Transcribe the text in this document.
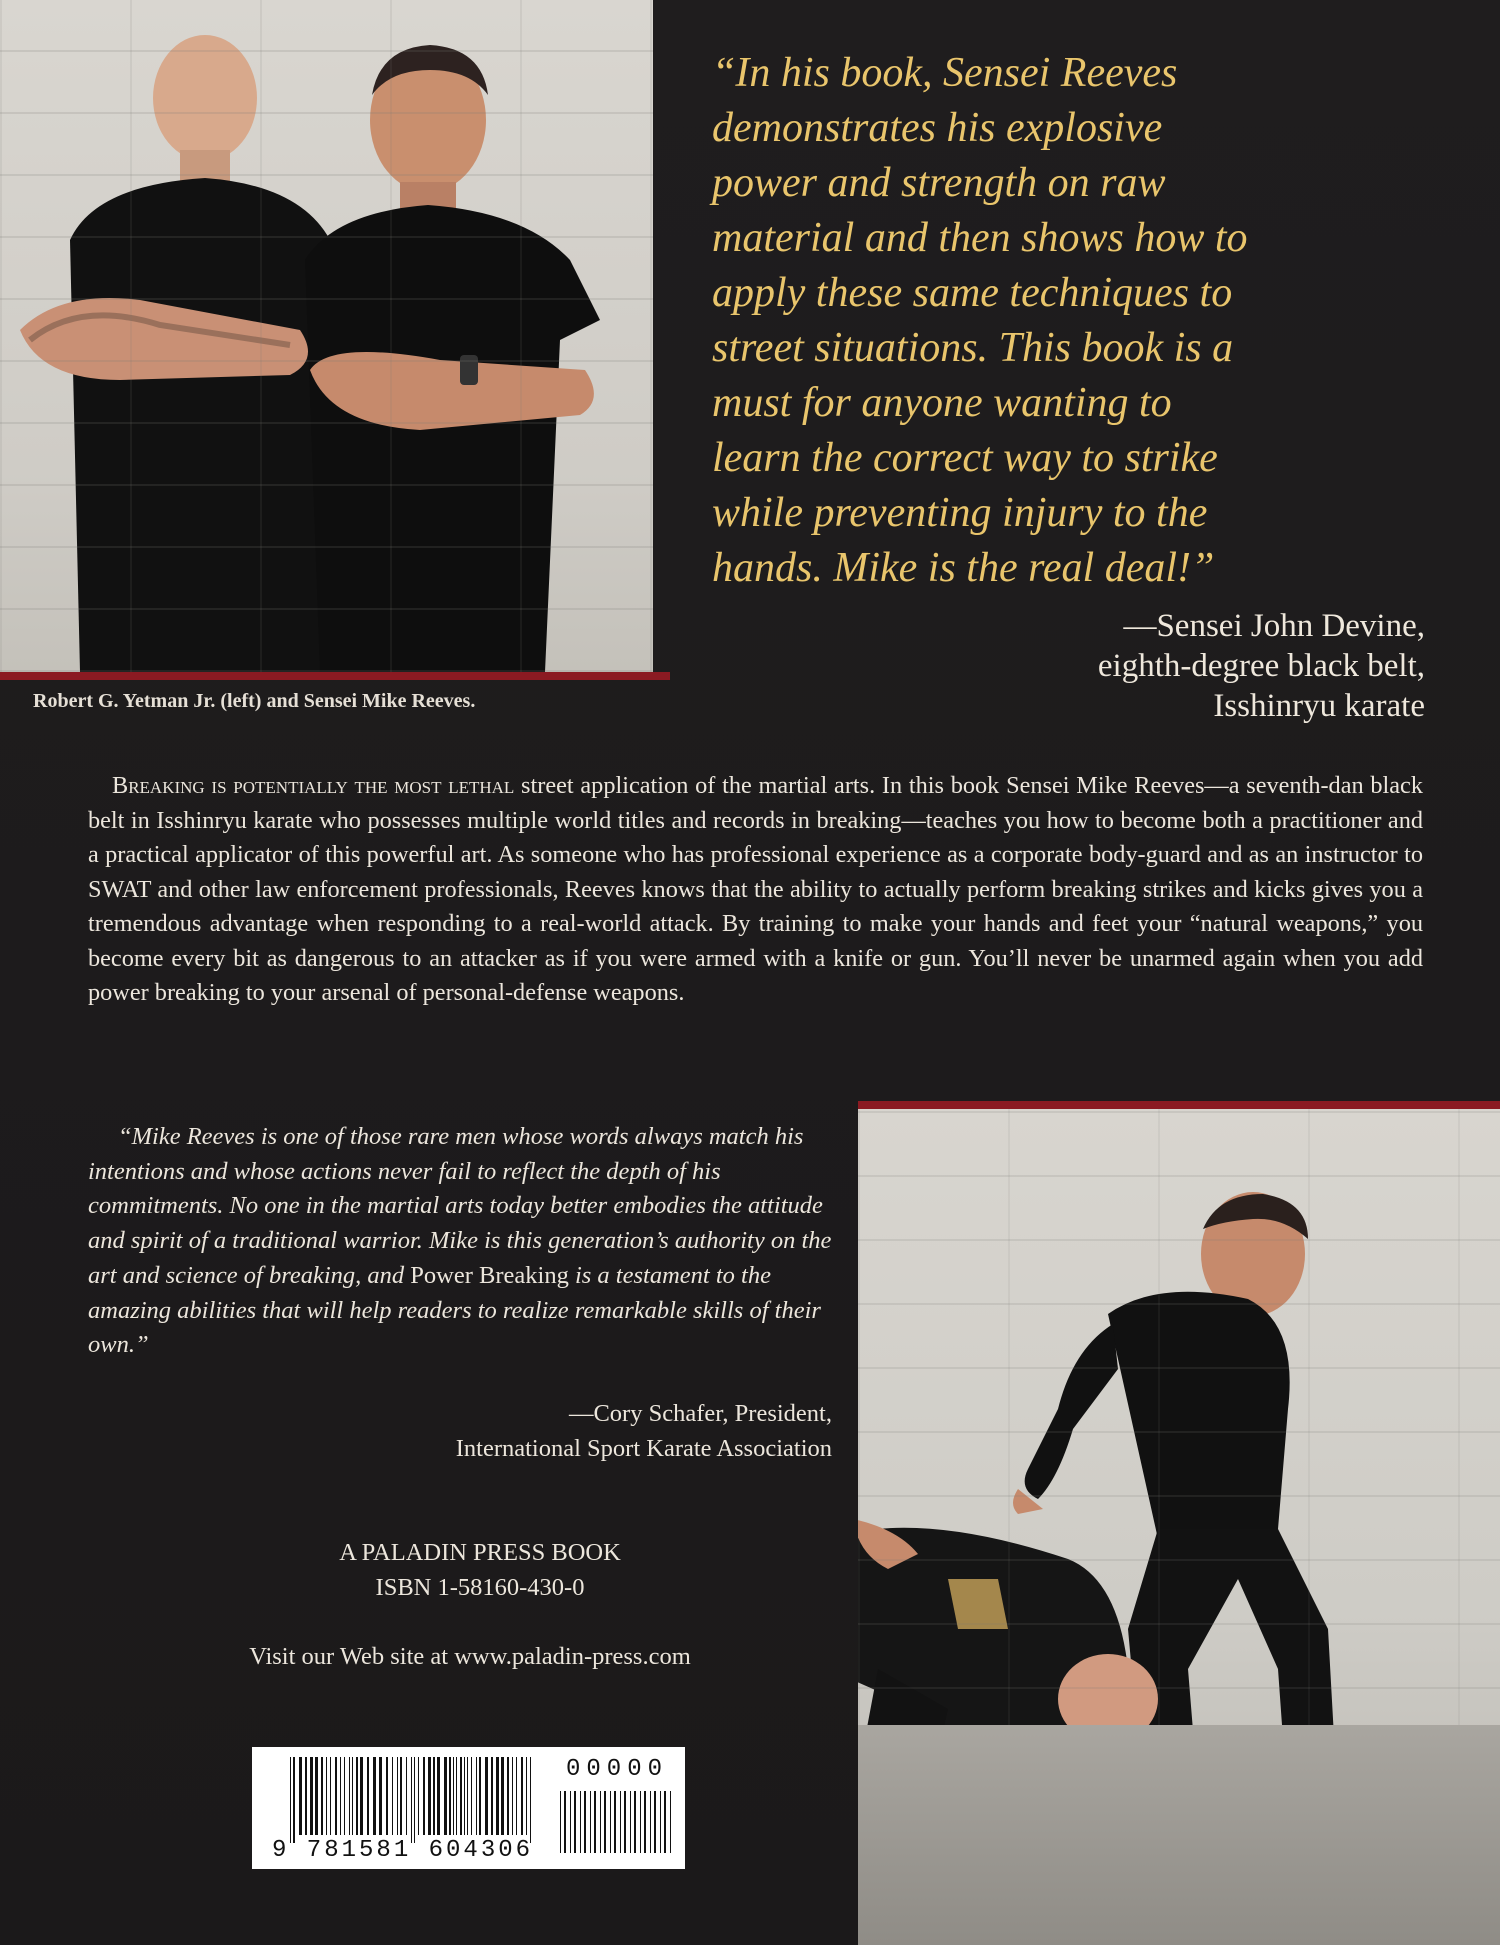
“In his book, Sensei Reeves
demonstrates his explosive
power and strength on raw
material and then shows how to
apply these same techniques to
street situations. This book is a
must for anyone wanting to
learn the correct way to strike
while preventing injury to the
hands. Mike is the real deal!”
—Sensei John Devine,
eighth-degree black belt,
Isshinryu karate
Robert G. Yetman Jr. (left) and Sensei Mike Reeves.
Breaking is potentially the most lethal street application of the martial arts. In this book Sensei Mike Reeves—a seventh-dan black belt in Isshinryu karate who possesses multiple world titles and records in breaking—teaches you how to become both a practitioner and a practical applicator of this powerful art. As someone who has professional experience as a corporate body-guard and as an instructor to SWAT and other law enforcement professionals, Reeves knows that the ability to actually perform breaking strikes and kicks gives you a tremendous advantage when responding to a real-world attack. By training to make your hands and feet your “natural weapons,” you become every bit as dangerous to an attacker as if you were armed with a knife or gun. You’ll never be unarmed again when you add power breaking to your arsenal of personal-defense weapons.
“Mike Reeves is one of those rare men whose words always match his intentions and whose actions never fail to reflect the depth of his commitments. No one in the martial arts today better embodies the attitude and spirit of a traditional warrior. Mike is this generation’s authority on the art and science of breaking, and Power Breaking is a testament to the amazing abilities that will help readers to realize remarkable skills of their own.”
—Cory Schafer, President,
International Sport Karate Association
A PALADIN PRESS BOOK
ISBN 1-58160-430-0
Visit our Web site at www.paladin-press.com
9 781581 604306
00000
